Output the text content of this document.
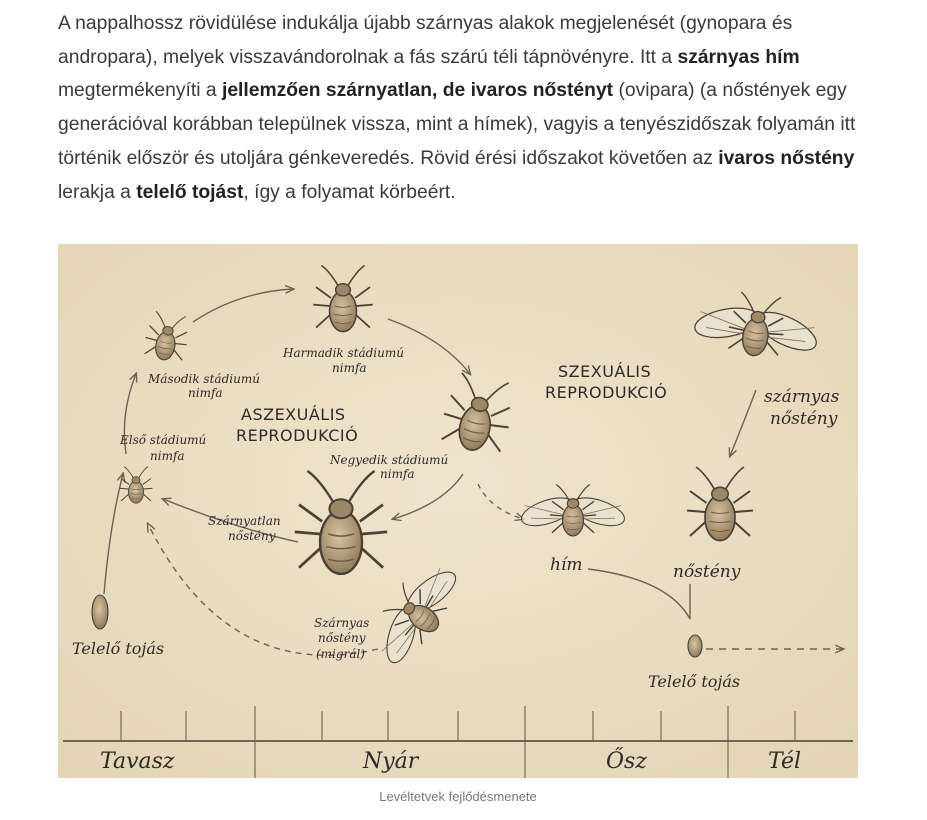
A nappalhossz rövidülése indukálja újabb szárnyas alakok megjelenését (gynopara és andropara), melyek visszavándorolnak a fás szárú téli tápnövényre. Itt a szárnyas hím megtermékenyíti a jellemzően szárnyatlan, de ivaros nőstényt (ovipara) (a nőstények egy generációval korábban települnek vissza, mint a hímek), vagyis a tenyészidőszak folyamán itt történik először és utoljára génkeveredés. Rövid érési időszakot követően az ivaros nőstény lerakja a telelő tojást, így a folyamat körbeért.

Telelő tojás
Első stádiumú
nimfa
Második stádiumú
nimfa
Harmadik stádiumú
nimfa
Negyedik stádiumú
nimfa
ASZEXUÁLIS
REPRODUKCIÓ
SZEXUÁLIS
REPRODUKCIÓ
Szárnyatlan
nőstény
Szárnyas
nőstény
(migrál)
hím	nőstény
szárnyas
nőstény
Telelő tojás
Tavasz	Nyár	Ősz	Tél
Levéltetvek fejlődésmenete
